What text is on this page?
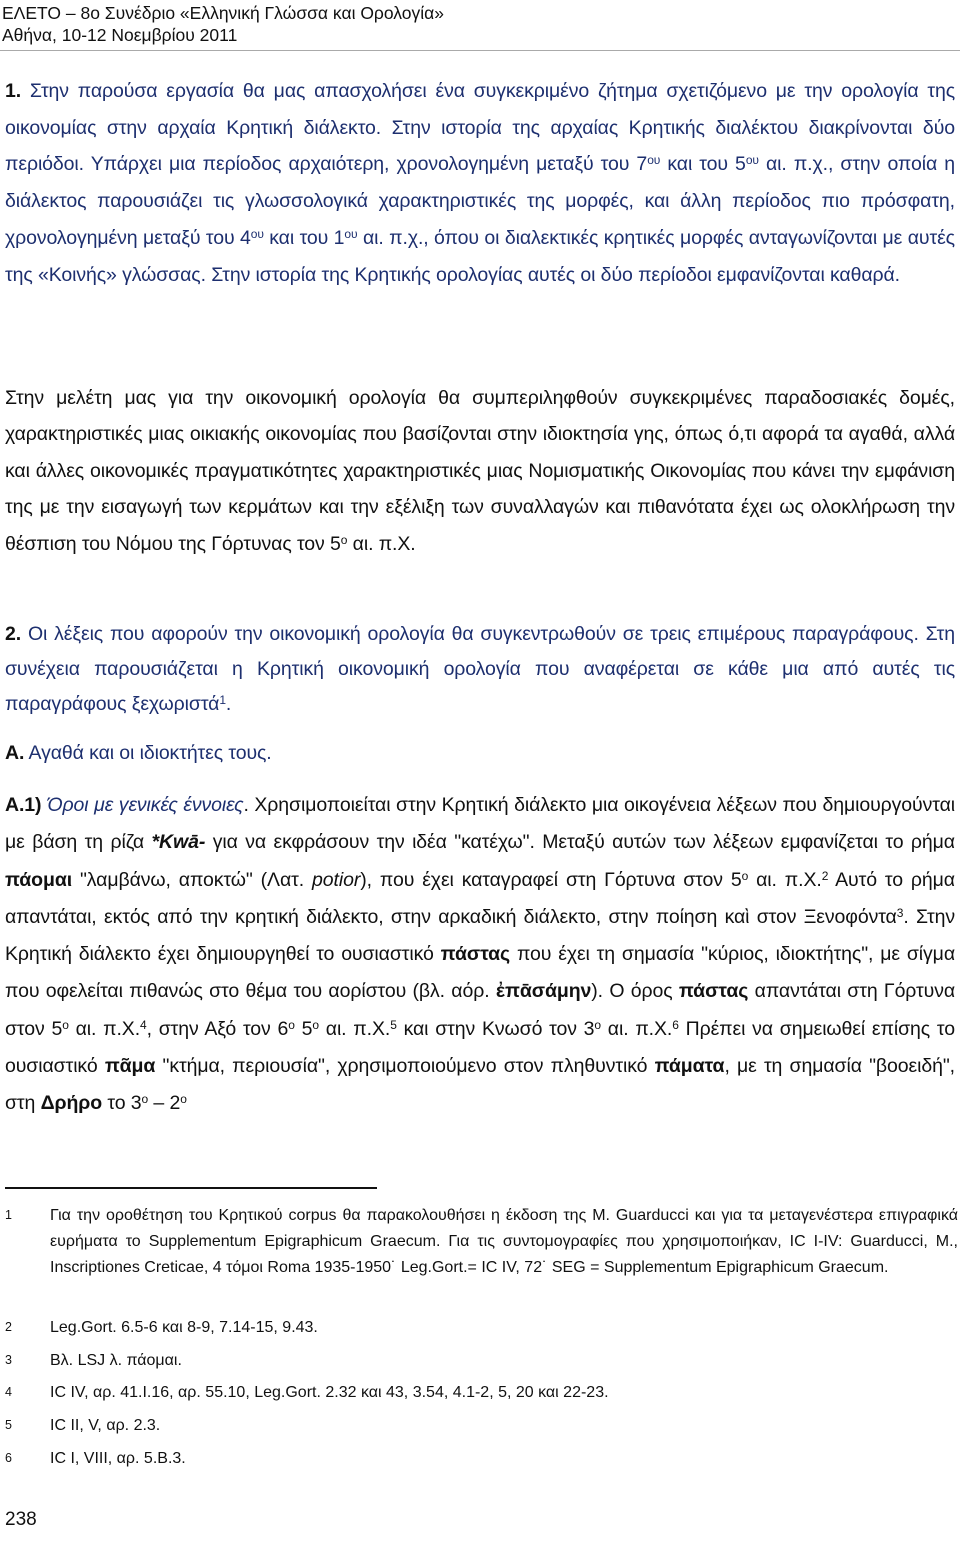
ΕΛΕΤΟ – 8ο Συνέδριο «Ελληνική Γλώσσα και Ορολογία»
Αθήνα, 10-12 Νοεμβρίου 2011
1. Στην παρούσα εργασία θα μας απασχολήσει ένα συγκεκριμένο ζήτημα σχετιζόμενο με την ορολογία της οικονομίας στην αρχαία Κρητική διάλεκτο. Στην ιστορία της αρχαίας Κρητικής διαλέκτου διακρίνονται δύο περιόδοι. Υπάρχει μια περίοδος αρχαιότερη, χρονολογημένη μεταξύ του $7^{o\upsilon}$ και του $5^{o\upsilon}$ αι. π.χ., στην οποία η διάλεκτος παρουσιάζει τις γλωσσολογικά χαρακτηριστικές της μορφές, και άλλη περίοδος πιο πρόσφατη, χρονολογημένη μεταξύ του $4^{o\upsilon}$ και του $1^{o\upsilon}$ αι. π.χ., όπου οι διαλεκτικές κρητικές μορφές ανταγωνίζονται με αυτές της «Κοινής» γλώσσας. Στην ιστορία της Κρητικής ορολογίας αυτές οι δύο περίοδοι εμφανίζονται καθαρά.
Στην μελέτη μας για την οικονομική ορολογία θα συμπεριληφθούν συγκεκριμένες παραδοσιακές δομές, χαρακτηριστικές μιας οικιακής οικονομίας που βασίζονται στην ιδιοκτησία γης, όπως ό,τι αφορά τα αγαθά, αλλά και άλλες οικονομικές πραγματικότητες χαρακτηριστικές μιας Νομισματικής Οικονομίας που κάνει την εμφάνιση της με την εισαγωγή των κερμάτων και την εξέλιξη των συναλλαγών και πιθανότατα έχει ως ολοκλήρωση την θέσπιση του Νόμου της Γόρτυνας τον $5^o$ αι. π.Χ.
2. Οι λέξεις που αφορούν την οικονομική ορολογία θα συγκεντρωθούν σε τρεις επιμέρους παραγράφους. Στη συνέχεια παρουσιάζεται η Κρητική οικονομική ορολογία που αναφέρεται σε κάθε μια από αυτές τις παραγράφους ξεχωριστά$^1$.
Α. Αγαθά και οι ιδιοκτήτες τους.
Α.1) Όροι με γενικές έννοιες. Χρησιμοποιείται στην Κρητική διάλεκτο μια οικογένεια λέξεων που δημιουργούνται με βάση τη ρίζα *Kwā- για να εκφράσουν την ιδέα "κατέχω". Μεταξύ αυτών των λέξεων εμφανίζεται το ρήμα πάομαι "λαμβάνω, αποκτώ" (Λατ. potior), που έχει καταγραφεί στη Γόρτυνα στον $5^o$ αι. π.Χ.$^2$ Αυτό το ρήμα απαντάται, εκτός από την κρητική διάλεκτο, στην αρκαδική διάλεκτο, στην ποίηση καὶ στον Ξενοφόντα$^3$. Στην Κρητική διάλεκτο έχει δημιουργηθεί το ουσιαστικό πάστας που έχει τη σημασία "κύριος, ιδιοκτήτης", με σίγμα που οφελείται πιθανώς στο θέμα του αορίστου (βλ. αόρ. ἐπᾱσάμην). Ο όρος πάστας απαντάται στη Γόρτυνα στον $5^o$ αι. π.Χ.$^4$, στην Αξό τον $6^o$ $5^o$ αι. π.Χ.$^5$ και στην Κνωσό τον $3^o$ αι. π.Χ.$^6$ Πρέπει να σημειωθεί επίσης το ουσιαστικό πᾶμα "κτήμα, περιουσία", χρησιμοποιούμενο στον πληθυντικό πάματα, με τη σημασία "βοοειδή", στη Δρήρο το $3^o - 2^o$
1 Για την οροθέτηση του Κρητικού corpus θα παρακολουθήσει η έκδοση της M. Guarducci και για τα μεταγενέστερα επιγραφικά ευρήματα το Supplementum Epigraphicum Graecum. Για τις συντομογραφίες που χρησιμοποιήκαν, IC I-IV: Guarducci, M., Inscriptiones Creticae, 4 τόμοι Roma 1935-1950˙ Leg.Gort.= IC IV, 72˙ SEG = Supplementum Epigraphicum Graecum.
2 Leg.Gort. 6.5-6 και 8-9, 7.14-15, 9.43.
3 Βλ. LSJ λ. πάομαι.
4 IC IV, αρ. 41.I.16, αρ. 55.10, Leg.Gort. 2.32 και 43, 3.54, 4.1-2, 5, 20 και 22-23.
5 IC II, V, αρ. 2.3.
6 IC I, VIII, αρ. 5.B.3.
238
